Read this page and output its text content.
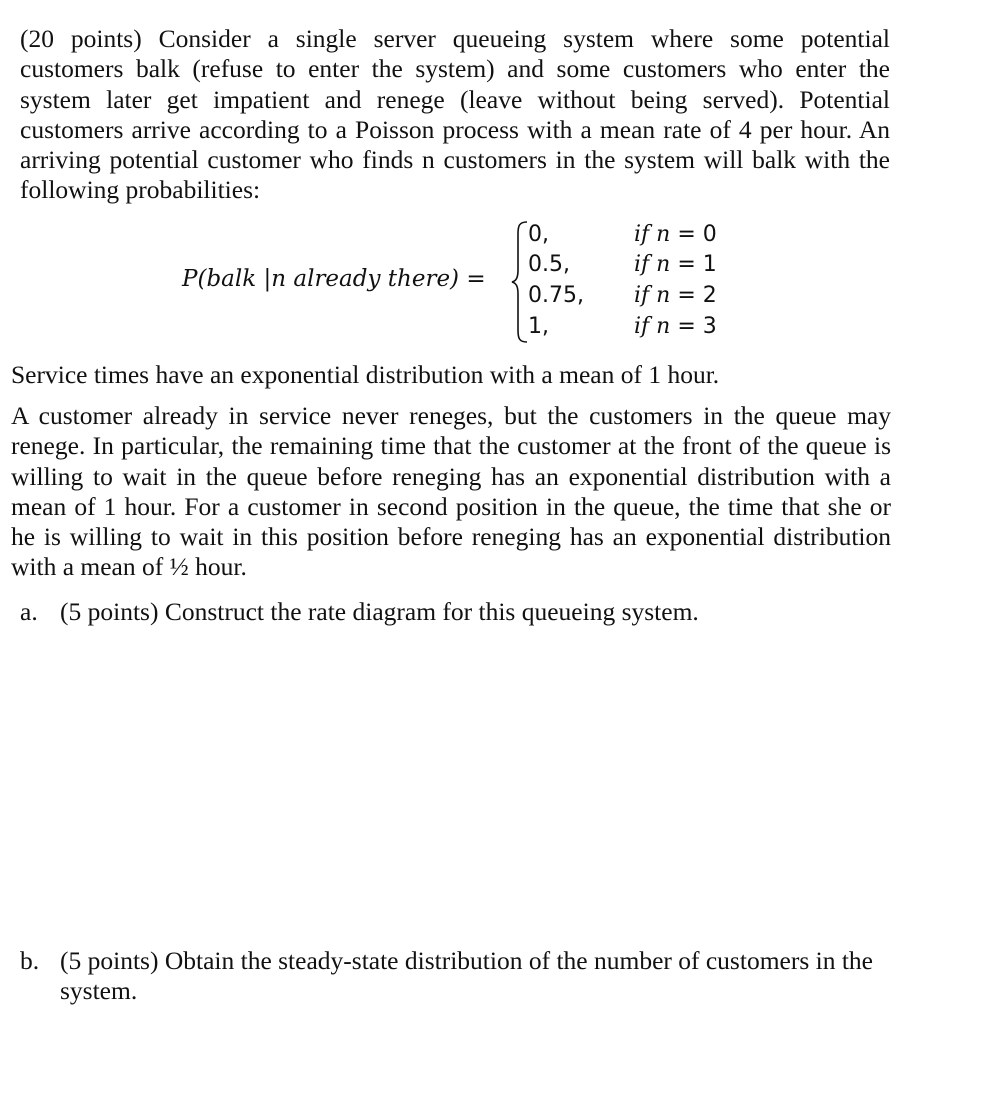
(20 points) Consider a single server queueing system where some potential customers balk (refuse to enter the system) and some customers who enter the system later get impatient and renege (leave without being served). Potential customers arrive according to a Poisson process with a mean rate of 4 per hour. An arriving potential customer who finds n customers in the system will balk with the following probabilities:

P(balk |n already there) =
0,
0.5,
0.75,
1,
if n = 0
if n = 1
if n = 2
if n = 3

Service times have an exponential distribution with a mean of 1 hour.

A customer already in service never reneges, but the customers in the queue may renege. In particular, the remaining time that the customer at the front of the queue is willing to wait in the queue before reneging has an exponential distribution with a mean of 1 hour. For a customer in second position in the queue, the time that she or he is willing to wait in this position before reneging has an exponential distribution with a mean of ½ hour.

a. (5 points) Construct the rate diagram for this queueing system.
b. (5 points) Obtain the steady-state distribution of the number of customers in the system.
